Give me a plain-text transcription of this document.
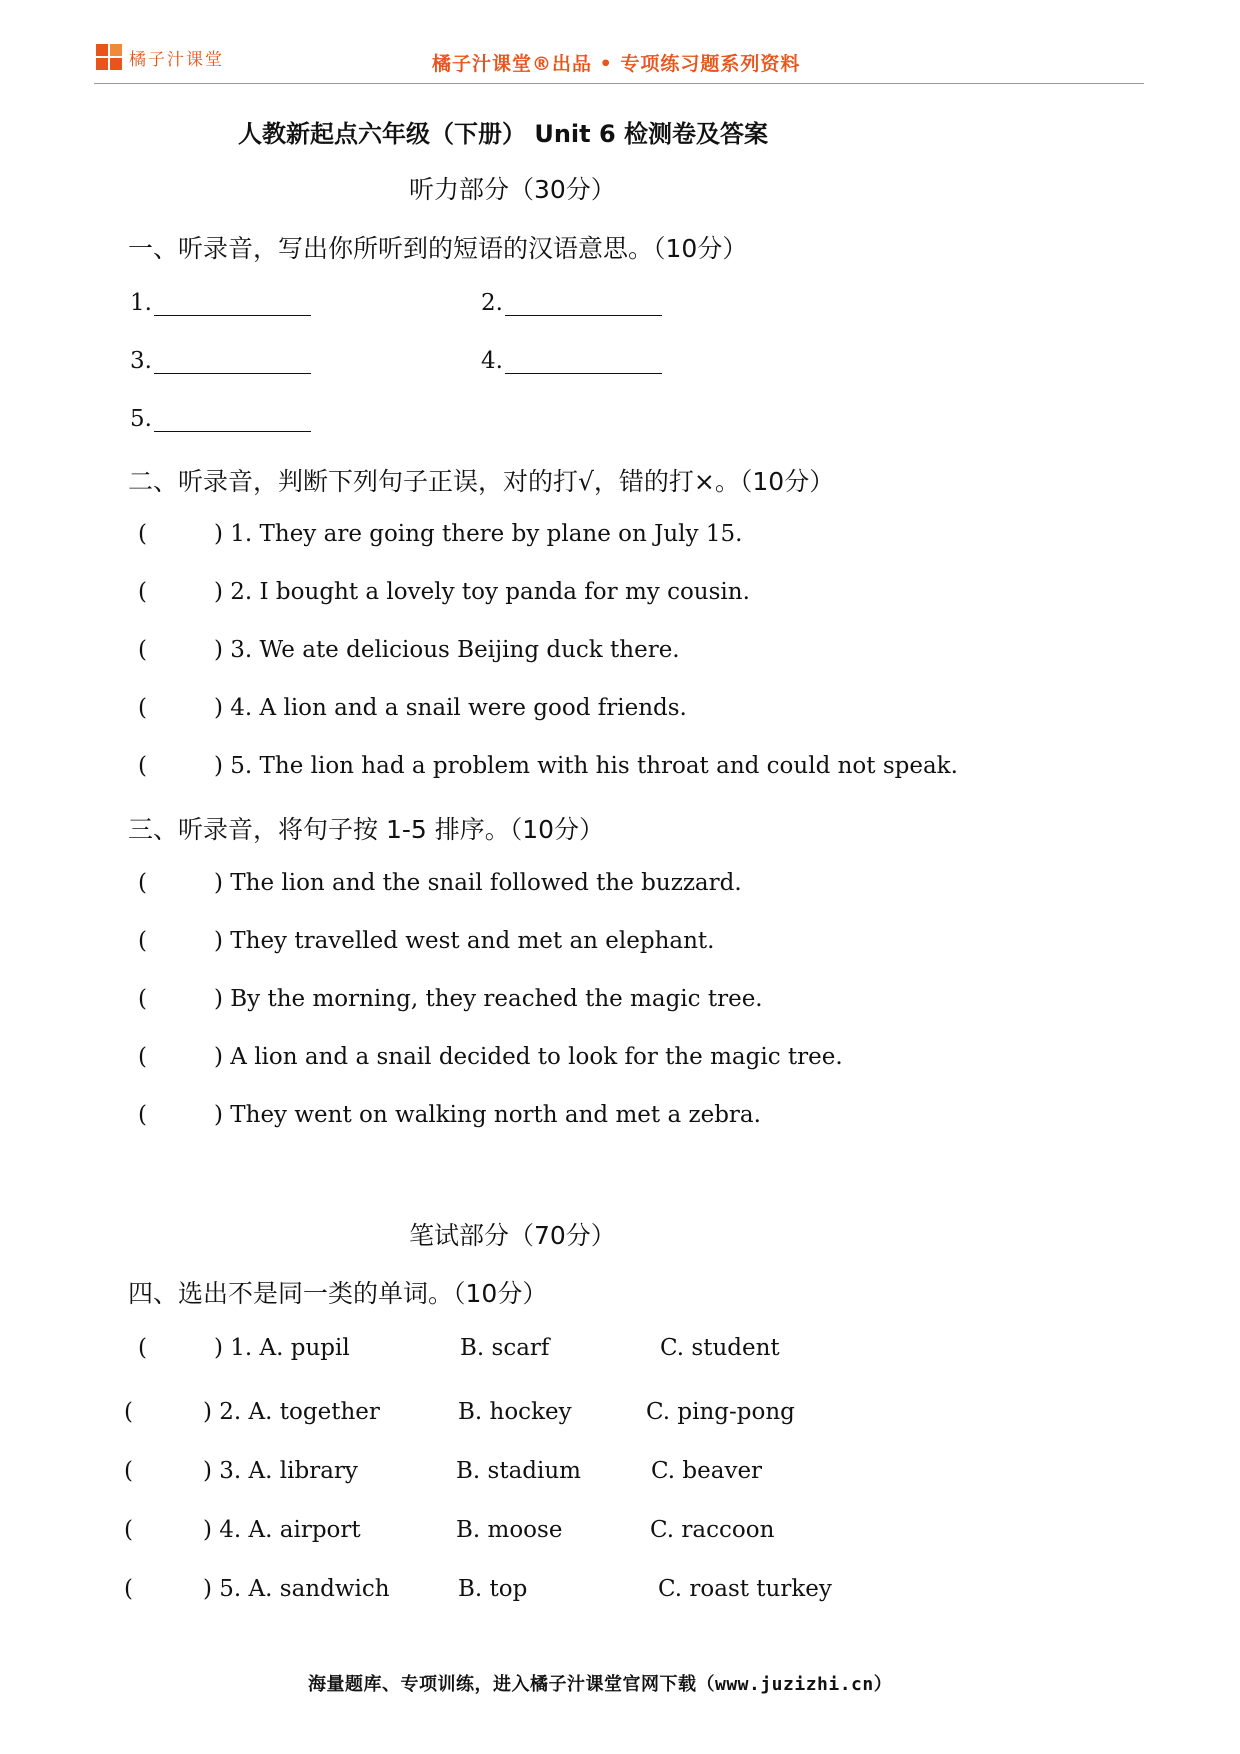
橘子汁课堂	橘子汁课堂®出品 • 专项练习题系列资料
人教新起点六年级（下册） Unit 6 检测卷及答案
听力部分（30分）
一、听录音，写出你所听到的短语的汉语意思。（10分）
1.	2.
3.	4.
5.
二、听录音，判断下列句子正误，对的打√，错的打×。（10分）
(	) 1. They are going there by plane on July 15.
(	) 2. I bought a lovely toy panda for my cousin.
(	) 3. We ate delicious Beijing duck there.
(	) 4. A lion and a snail were good friends.
(	) 5. The lion had a problem with his throat and could not speak.
三、听录音，将句子按 1-5 排序。（10分）
(	) The lion and the snail followed the buzzard.
(	) They travelled west and met an elephant.
(	) By the morning, they reached the magic tree.
(	) A lion and a snail decided to look for the magic tree.
(	) They went on walking north and met a zebra.
笔试部分（70分）
四、选出不是同一类的单词。（10分）
(	) 1. A. pupil	B. scarf	C. student
(	) 2. A. together	B. hockey	C. ping-pong
(	) 3. A. library	B. stadium	C. beaver
(	) 4. A. airport	B. moose	C. raccoon
(	) 5. A. sandwich	B. top	C. roast turkey
海量题库、专项训练，进入橘子汁课堂官网下载（www.juzizhi.cn）
